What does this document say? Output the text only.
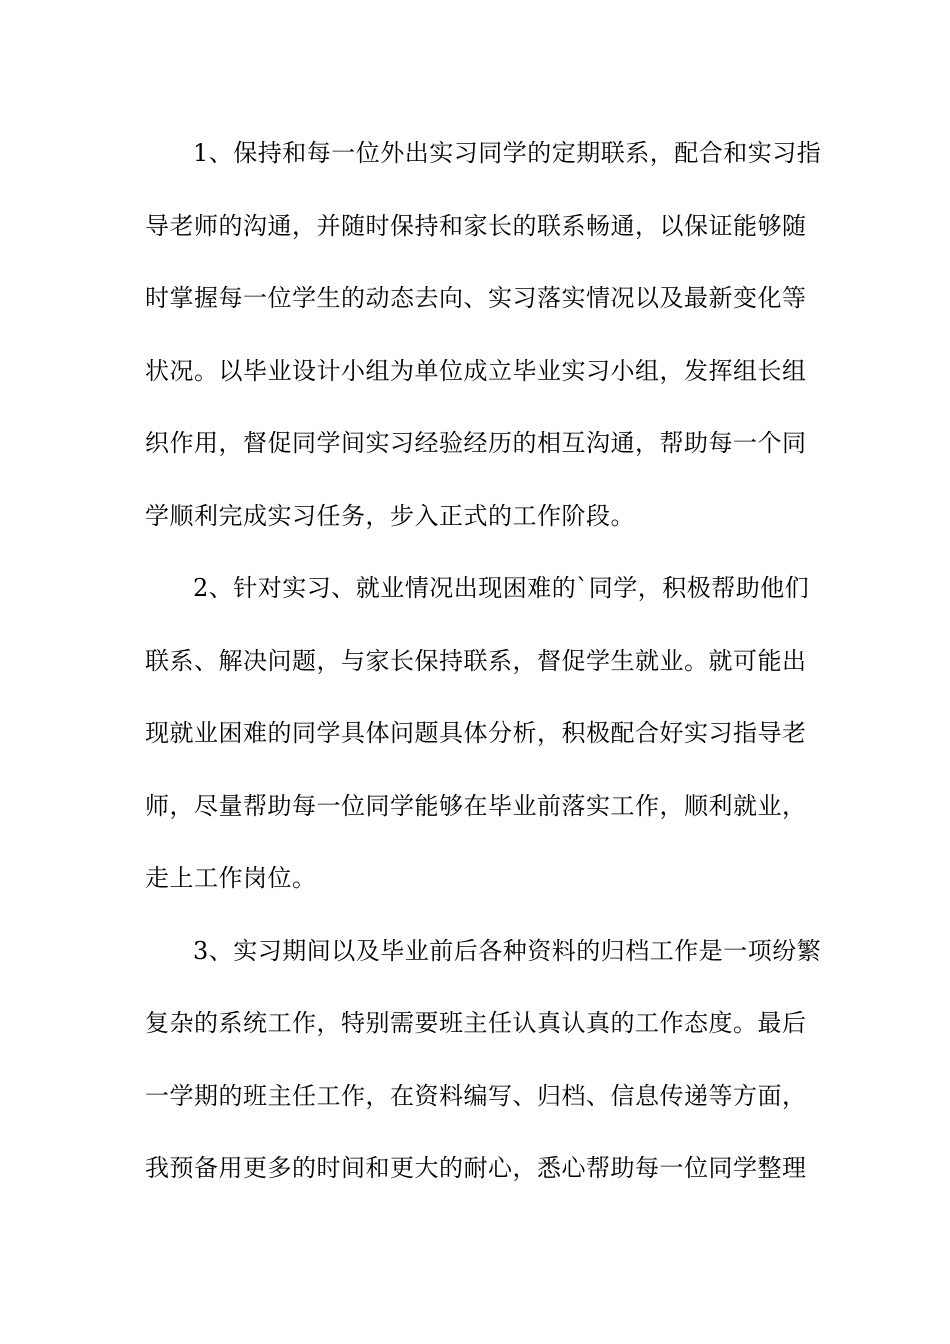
1、保持和每一位外出实习同学的定期联系，配合和实习指
导老师的沟通，并随时保持和家长的联系畅通，以保证能够随
时掌握每一位学生的动态去向、实习落实情况以及最新变化等
状况。以毕业设计小组为单位成立毕业实习小组，发挥组长组
织作用，督促同学间实习经验经历的相互沟通，帮助每一个同
学顺利完成实习任务，步入正式的工作阶段。
2、针对实习、就业情况出现困难的`同学，积极帮助他们
联系、解决问题，与家长保持联系，督促学生就业。就可能出
现就业困难的同学具体问题具体分析，积极配合好实习指导老
师，尽量帮助每一位同学能够在毕业前落实工作，顺利就业，
走上工作岗位。
3、实习期间以及毕业前后各种资料的归档工作是一项纷繁
复杂的系统工作，特别需要班主任认真认真的工作态度。最后
一学期的班主任工作，在资料编写、归档、信息传递等方面，
我预备用更多的时间和更大的耐心，悉心帮助每一位同学整理
